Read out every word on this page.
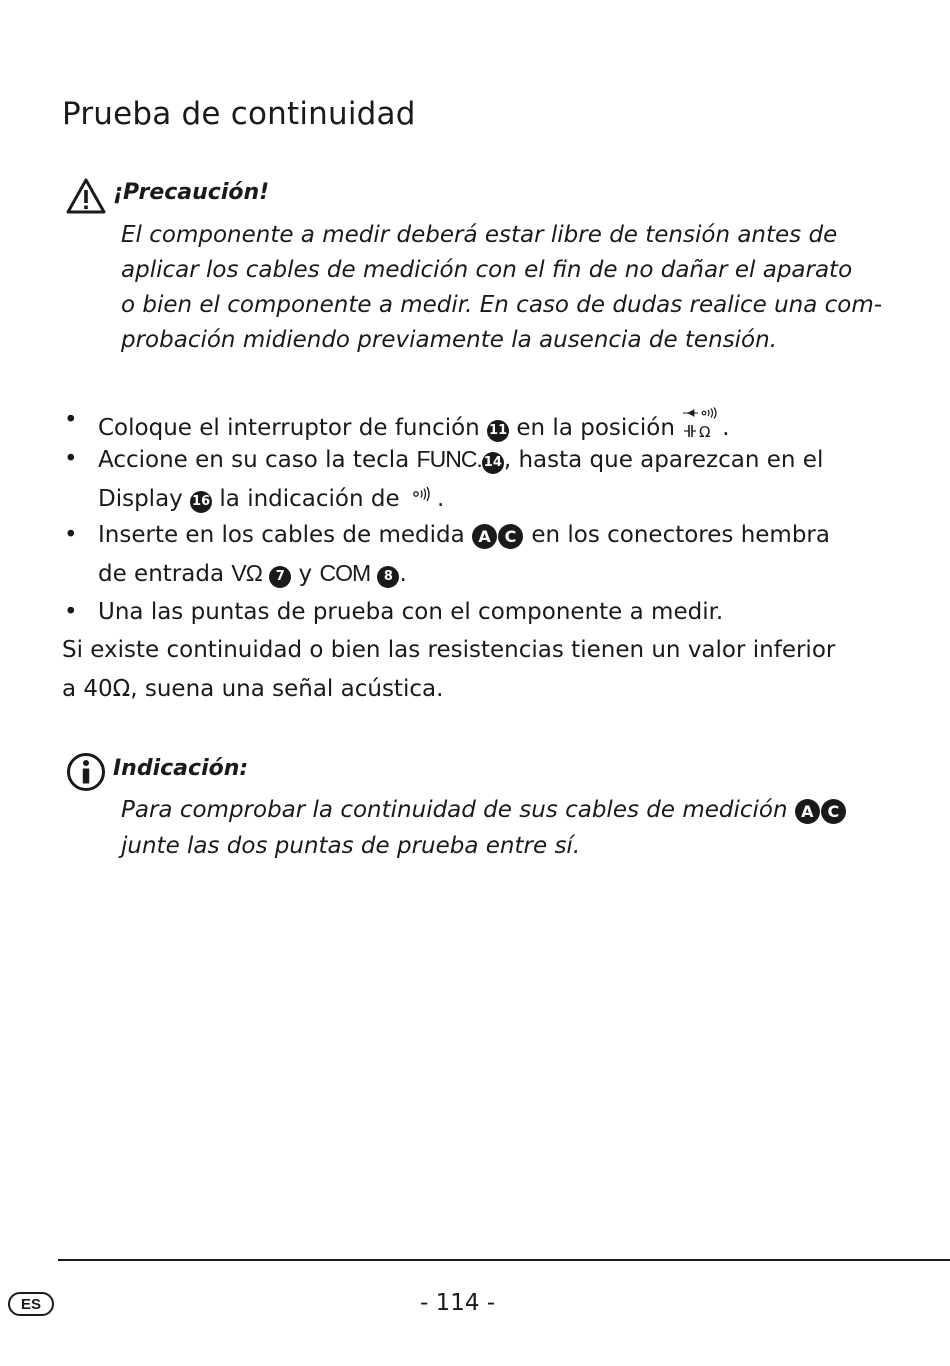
Prueba de continuidad
¡Precaución!
El componente a medir deberá estar libre de tensión antes de
aplicar los cables de medición con el fin de no dañar el aparato
o bien el componente a medir. En caso de dudas realice una com-
probación midiendo previamente la ausencia de tensión.
• Coloque el interruptor de función 11 en la posición Ω .
• Accione en su caso la tecla FUNC. 14, hasta que aparezcan en el
Display 16 la indicación de .
• Inserte en los cables de medida A C en los conectores hembra
de entrada VΩ 7 y COM 8 .
• Una las puntas de prueba con el componente a medir.
Si existe continuidad o bien las resistencias tienen un valor inferior
a 40Ω, suena una señal acústica.
Indicación:
Para comprobar la continuidad de sus cables de medición A C
junte las dos puntas de prueba entre sí.
ES	- 114 -
